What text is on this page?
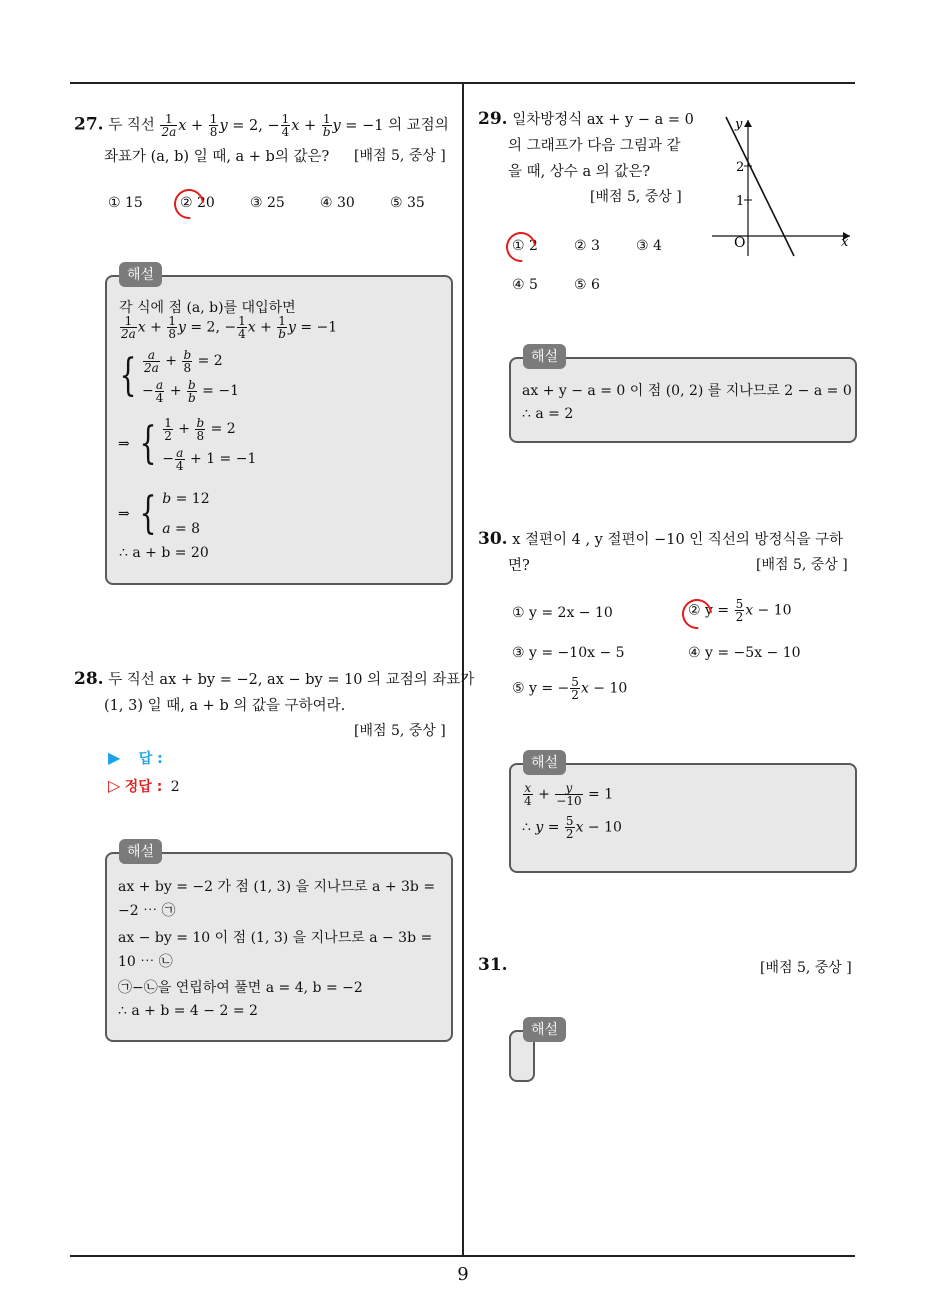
9
27. 두 직선 $\frac{1}{2a}$ $x + \frac{1}{8}$ y = 2, − $\frac{1}{4}$ $x + \frac{1}{b}$ y = −1 의 교점의
좌표가 (a, b) 일 때, a + b의 값은? [배점 5, 중상 ]
① 15	② 20	③ 25	④ 30	⑤ 35
해설
각 식에 점 (a, b)를 대입하면
$\frac{1}{2a}$ $x + \frac{1}{8}$ y = 2, − $\frac{1}{4}$ $x + \frac{1}{b}$ y = −1
{ $\frac{a}{2a} + \frac{b}{8} = 2$
− $\frac{a}{4} + \frac{b}{b} = -1$
⇒ { $\frac{1}{2} + \frac{b}{8} = 2$
− $\frac{a}{4} + 1 = -1$
⇒ { b = 12
a = 8
∴ a + b = 20
28. 두 직선 ax + by = −2, ax − by = 10 의 교점의 좌표가
(1, 3) 일 때, a + b 의 값을 구하여라.
[배점 5, 중상 ]
▶ 답 :
▷ 정답 : 2
해설
ax + by = −2 가 점 (1, 3) 을 지나므로 a + 3b =
−2 ⋯ ㉠
ax − by = 10 이 점 (1, 3) 을 지나므로 a − 3b =
10 ⋯ ㉡
㉠−㉡을 연립하여 풀면 a = 4, b = −2
∴ a + b = 4 − 2 = 2
29. 일차방정식 ax + y − a = 0
의 그래프가 다음 그림과 같
을 때, 상수 a 의 값은?
[배점 5, 중상 ]
x
y
O
1
2
① 2	② 3	③ 4
④ 5	⑤ 6
해설
ax + y − a = 0 이 점 (0, 2) 를 지나므로 2 − a = 0
∴ a = 2
30. x 절편이 4 , y 절편이 −10 인 직선의 방정식을 구하
면?	[배점 5, 중상 ]
① y = 2x − 10	② $y = \frac{5}{2}$ x − 10
③ y = −10x − 5	④ y = −5x − 10
⑤ y = − $\frac{5}{2}$ x − 10
해설
$\frac{x}{4} + \frac{y}{-10} = 1$
∴ $y = \frac{5}{2}$ x − 10
31.	[배점 5, 중상 ]
해설
